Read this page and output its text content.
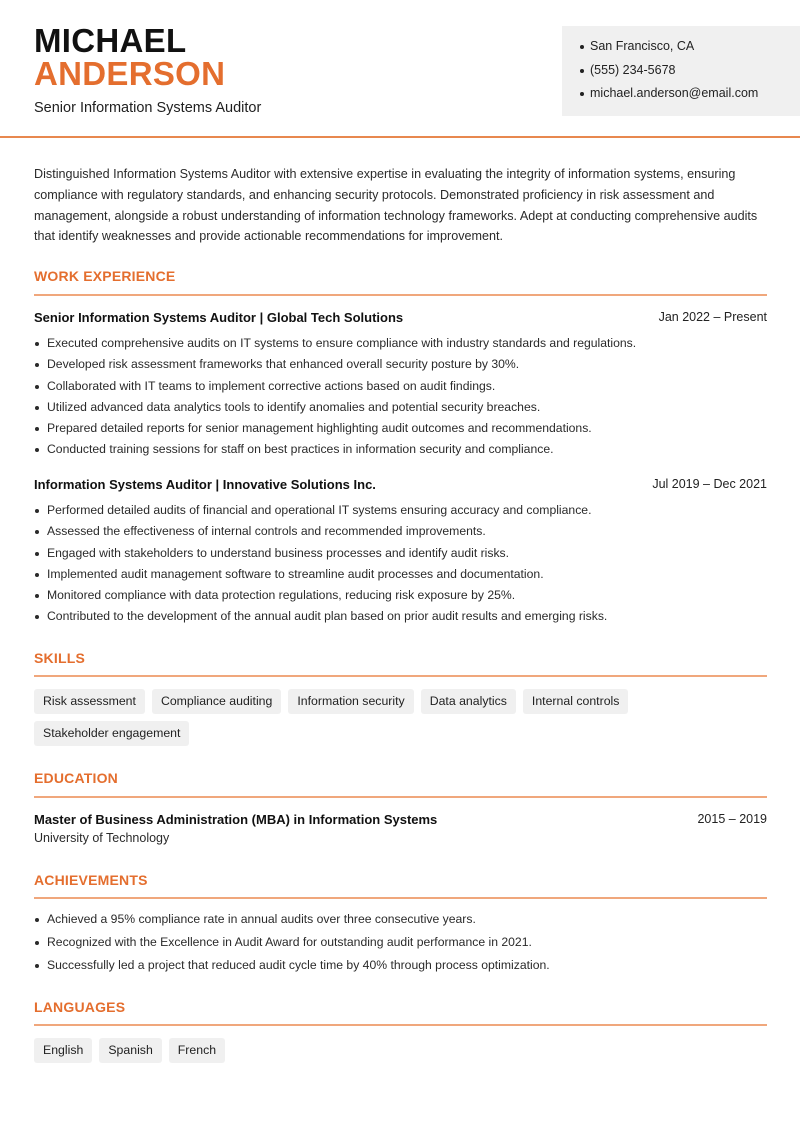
MICHAEL
ANDERSON
Senior Information Systems Auditor
San Francisco, CA
(555) 234-5678
michael.anderson@email.com

Distinguished Information Systems Auditor with extensive expertise in evaluating the integrity of information systems, ensuring compliance with regulatory standards, and enhancing security protocols. Demonstrated proficiency in risk assessment and management, alongside a robust understanding of information technology frameworks. Adept at conducting comprehensive audits that identify weaknesses and provide actionable recommendations for improvement.

WORK EXPERIENCE
Senior Information Systems Auditor | Global Tech Solutions	Jan 2022 – Present
Executed comprehensive audits on IT systems to ensure compliance with industry standards and regulations.
Developed risk assessment frameworks that enhanced overall security posture by 30%.
Collaborated with IT teams to implement corrective actions based on audit findings.
Utilized advanced data analytics tools to identify anomalies and potential security breaches.
Prepared detailed reports for senior management highlighting audit outcomes and recommendations.
Conducted training sessions for staff on best practices in information security and compliance.
Information Systems Auditor | Innovative Solutions Inc.	Jul 2019 – Dec 2021
Performed detailed audits of financial and operational IT systems ensuring accuracy and compliance.
Assessed the effectiveness of internal controls and recommended improvements.
Engaged with stakeholders to understand business processes and identify audit risks.
Implemented audit management software to streamline audit processes and documentation.
Monitored compliance with data protection regulations, reducing risk exposure by 25%.
Contributed to the development of the annual audit plan based on prior audit results and emerging risks.
SKILLS
Risk assessment Compliance auditing Information security Data analytics Internal controls
Stakeholder engagement
EDUCATION
Master of Business Administration (MBA) in Information Systems	2015 – 2019
University of Technology
ACHIEVEMENTS
Achieved a 95% compliance rate in annual audits over three consecutive years.
Recognized with the Excellence in Audit Award for outstanding audit performance in 2021.
Successfully led a project that reduced audit cycle time by 40% through process optimization.
LANGUAGES
English Spanish French
